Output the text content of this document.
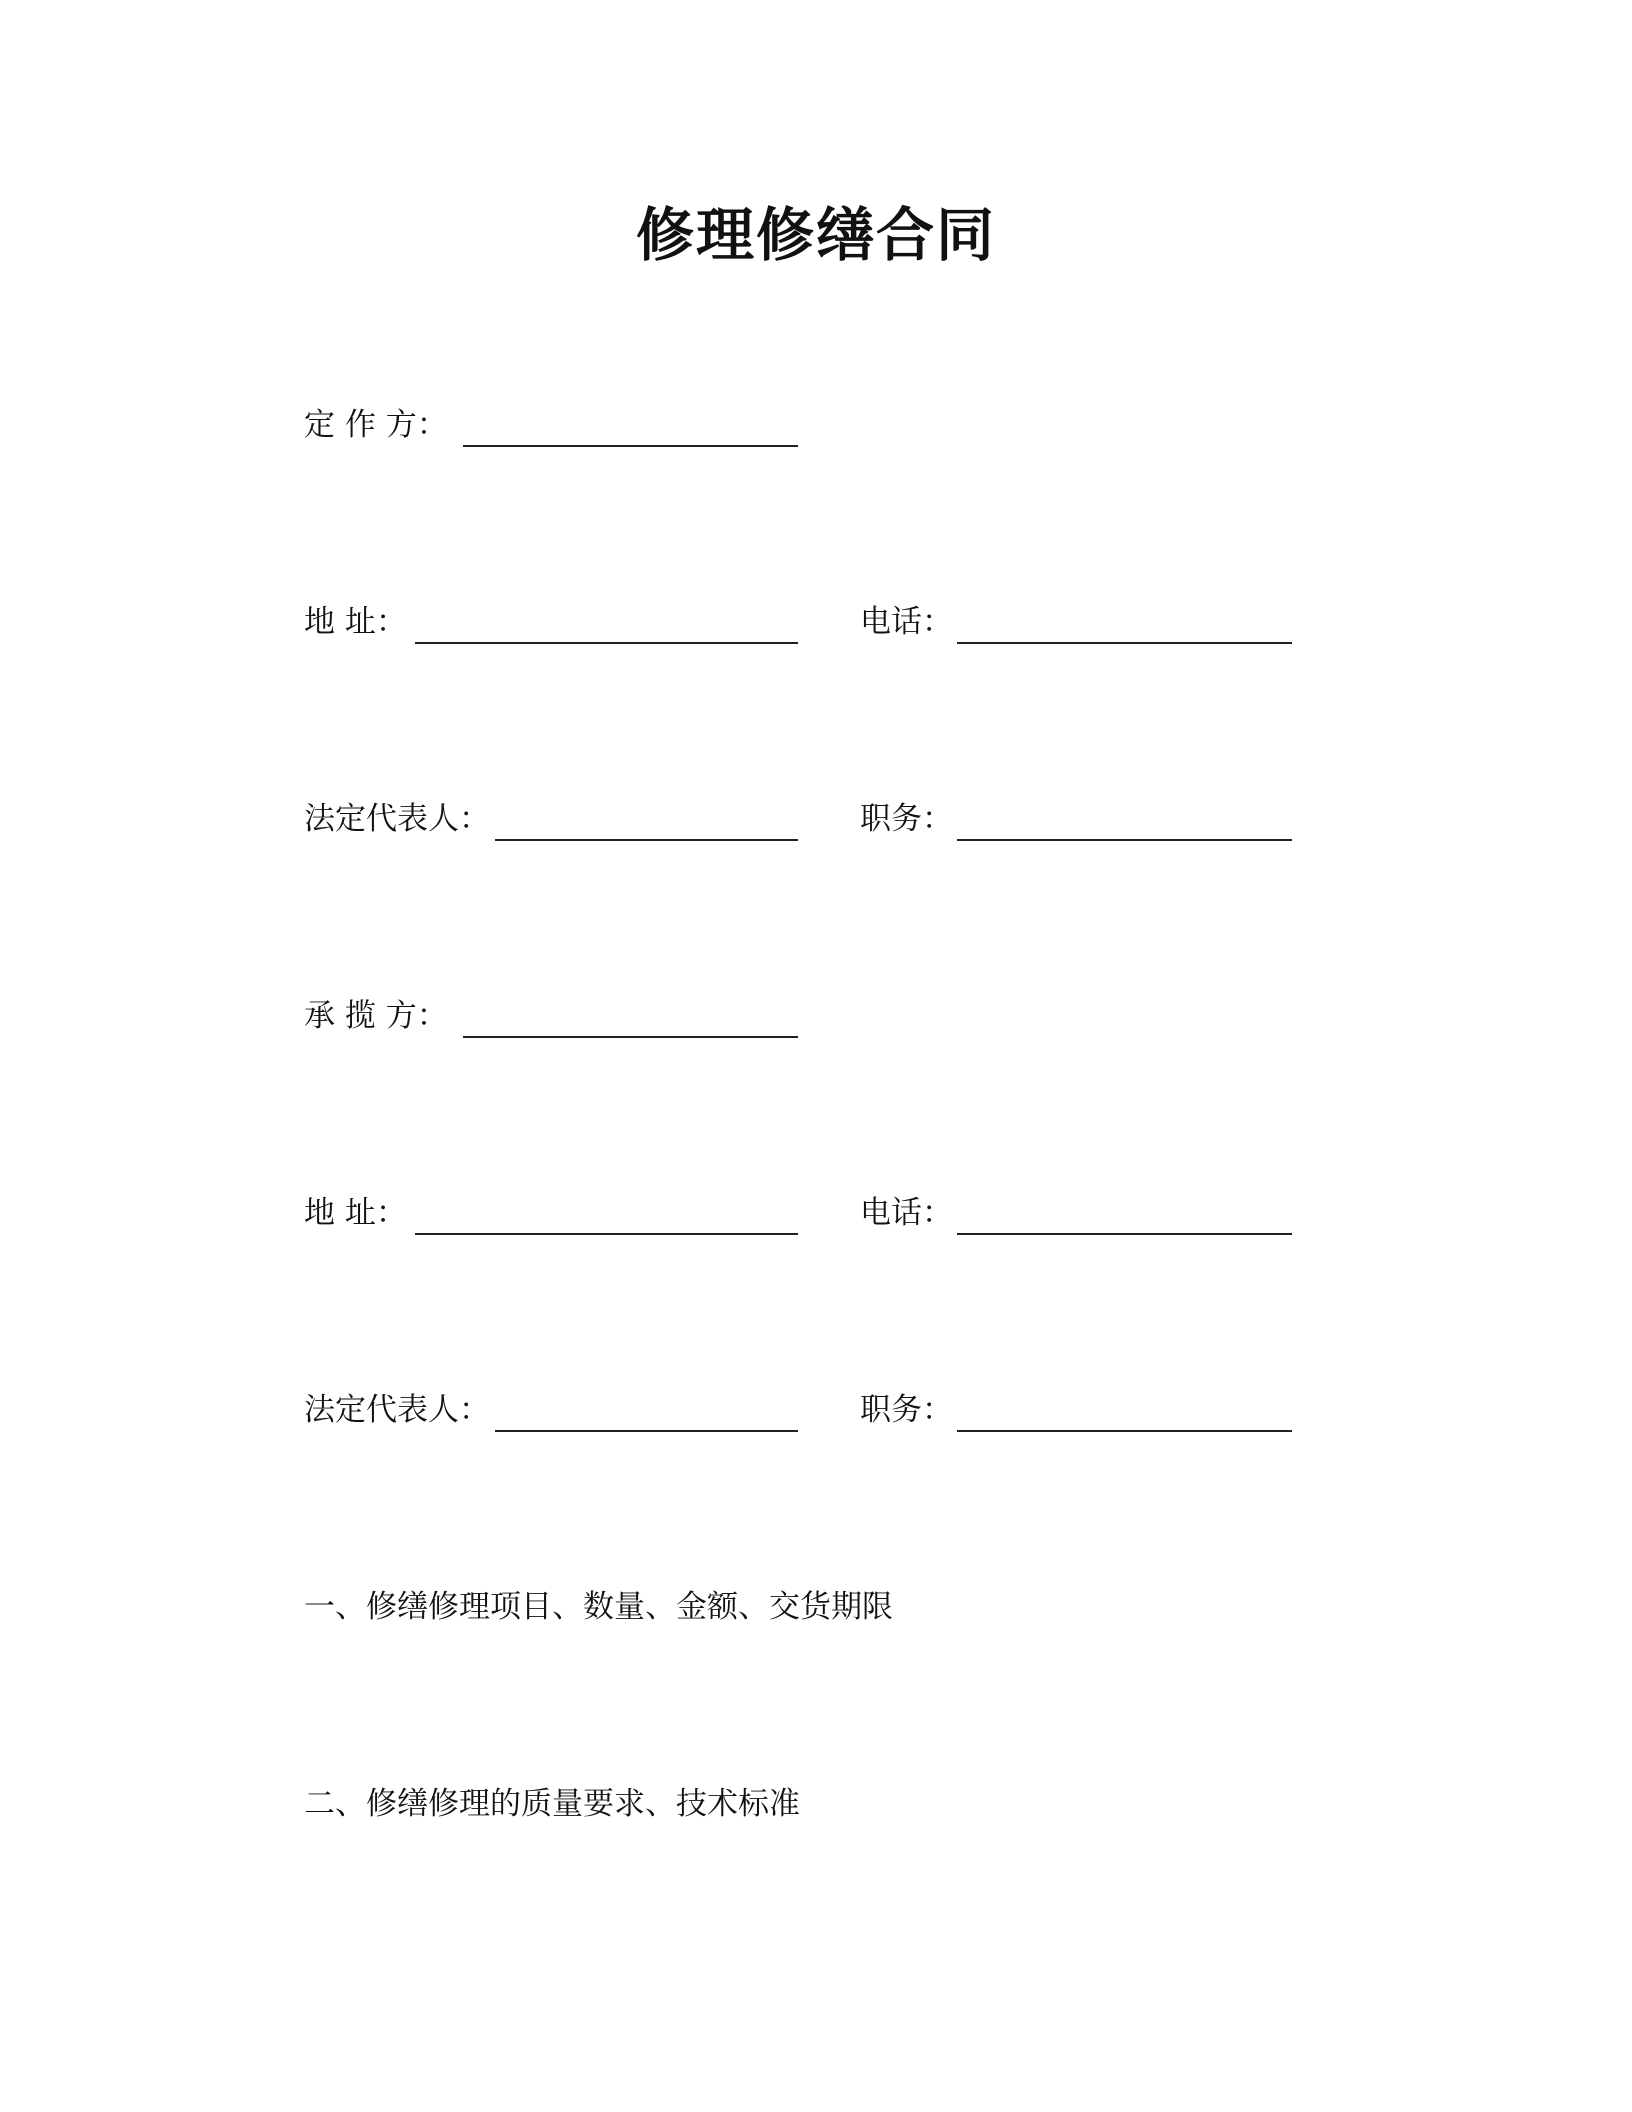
修理修缮合同
定 作 方：
地 址：	电话：
法定代表人：	职务：
承 揽 方：
地 址：	电话：
法定代表人：	职务：
一、修缮修理项目、数量、金额、交货期限
二、修缮修理的质量要求、技术标准
